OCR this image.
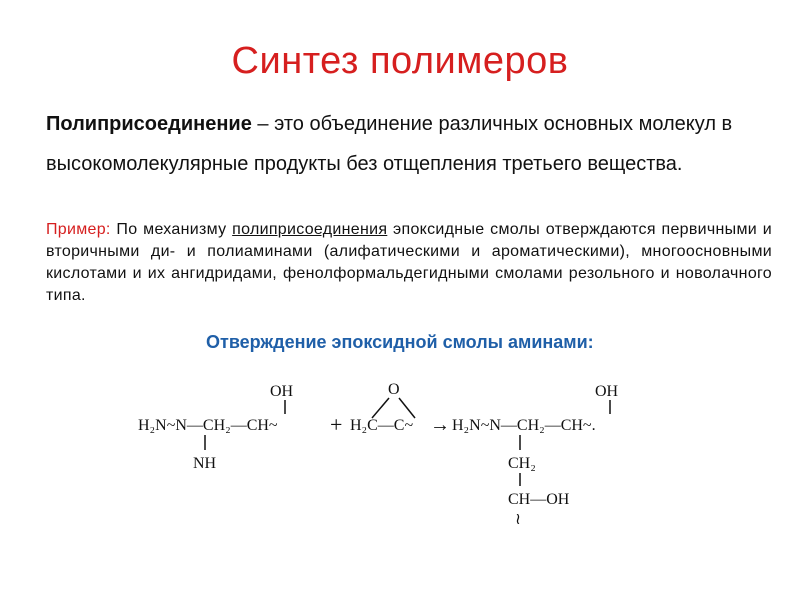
Синтез полимеров
Полиприсоединение – это объединение различных основных молекул в высокомолекулярные продукты без отщепления третьего вещества.
Пример: По механизму полиприсоединения эпоксидные смолы отверждаются первичными и вторичными ди- и полиаминами (алифатическими и ароматическими), многоосновными кислотами и их ангидридами, фенолформальдегидными смолами резольного и новолачного типа.
Отверждение эпоксидной смолы аминами:
OH
H₂N~N—CH₂—CH~
NH
+
O
H₂C—C~ →
OH
H₂N~N—CH₂—CH~.
CH₂
CH—OH
≀
